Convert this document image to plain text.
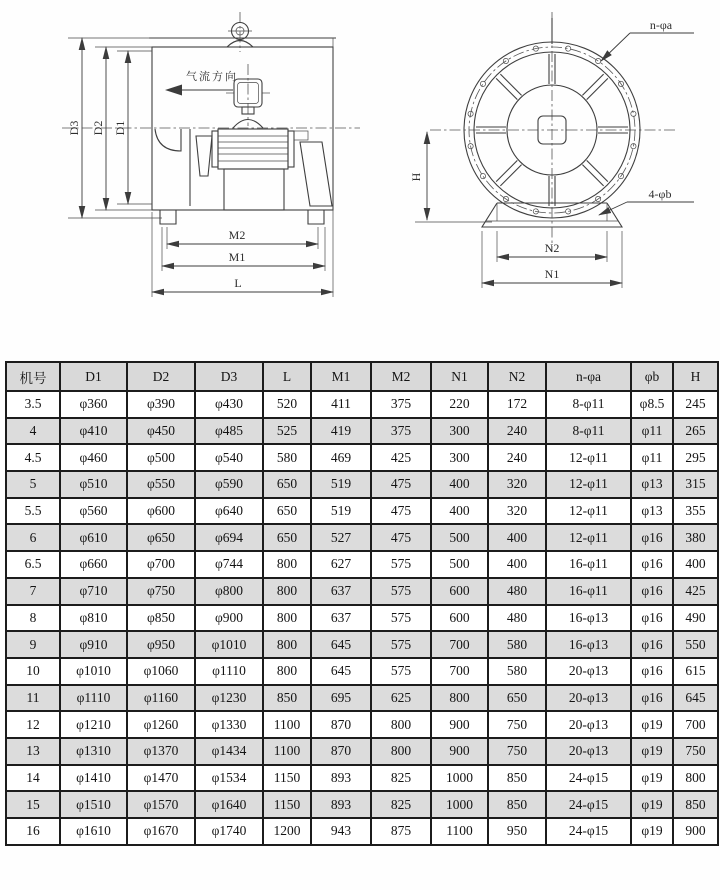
气流方向
D3 D2 D1
M2
M1
L
H
N2
N1
n-φa
4-φb
机号	D1	D2	D3	L	M1	M2	N1	N2	n-φa	φb	H
3.5	φ360	φ390	φ430	520	411	375	220	172	8-φ11	φ8.5	245
4	φ410	φ450	φ485	525	419	375	300	240	8-φ11	φ11	265
4.5	φ460	φ500	φ540	580	469	425	300	240	12-φ11	φ11	295
5	φ510	φ550	φ590	650	519	475	400	320	12-φ11	φ13	315
5.5	φ560	φ600	φ640	650	519	475	400	320	12-φ11	φ13	355
6	φ610	φ650	φ694	650	527	475	500	400	12-φ11	φ16	380
6.5	φ660	φ700	φ744	800	627	575	500	400	16-φ11	φ16	400
7	φ710	φ750	φ800	800	637	575	600	480	16-φ11	φ16	425
8	φ810	φ850	φ900	800	637	575	600	480	16-φ13	φ16	490
9	φ910	φ950	φ1010	800	645	575	700	580	16-φ13	φ16	550
10	φ1010	φ1060	φ1110	800	645	575	700	580	20-φ13	φ16	615
11	φ1110	φ1160	φ1230	850	695	625	800	650	20-φ13	φ16	645
12	φ1210	φ1260	φ1330	1100	870	800	900	750	20-φ13	φ19	700
13	φ1310	φ1370	φ1434	1100	870	800	900	750	20-φ13	φ19	750
14	φ1410	φ1470	φ1534	1150	893	825	1000	850	24-φ15	φ19	800
15	φ1510	φ1570	φ1640	1150	893	825	1000	850	24-φ15	φ19	850
16	φ1610	φ1670	φ1740	1200	943	875	1100	950	24-φ15	φ19	900
